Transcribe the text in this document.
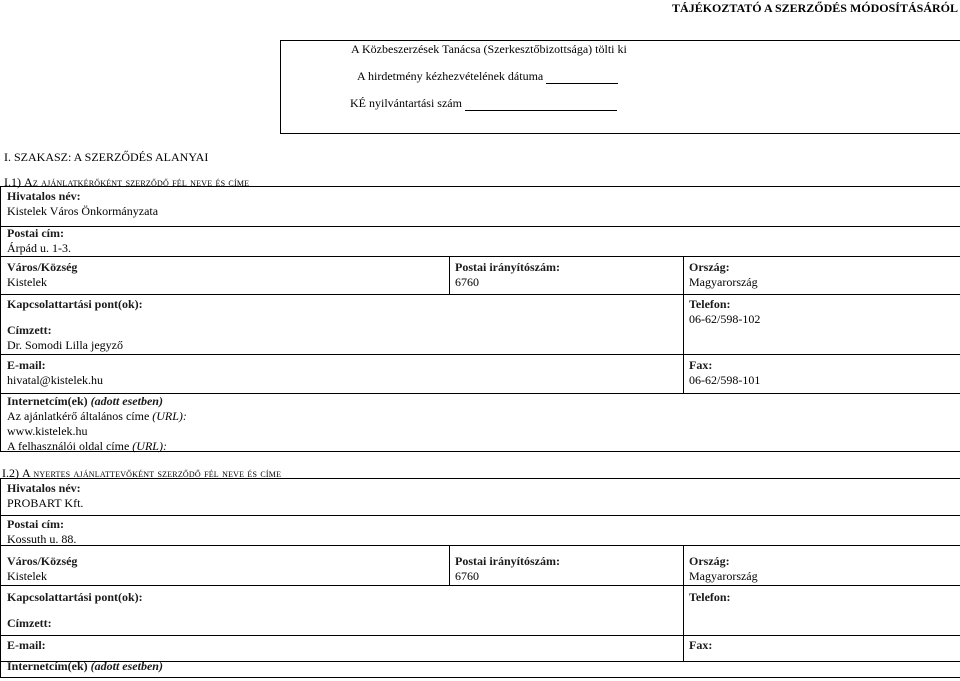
TÁJÉKOZTATÓ A SZERZŐDÉS MÓDOSÍTÁSÁRÓL
A Közbeszerzések Tanácsa (Szerkesztőbizottsága) tölti ki
A hirdetmény kézhezvételének dátuma
KÉ nyilvántartási szám
I. SZAKASZ: A SZERZŐDÉS ALANYAI
I.1) Az ajánlatkérőként szerződő fél neve és címe
Hivatalos név:
Kistelek Város Önkormányzata
Postai cím:
Árpád u. 1-3.
Város/Község
Kistelek
Postai irányítószám:
6760
Ország:
Magyarország
Kapcsolattartási pont(ok):
Címzett:
Dr. Somodi Lilla jegyző
Telefon:
06-62/598-102
E-mail:
hivatal@kistelek.hu
Fax:
06-62/598-101
Internetcím(ek) (adott esetben)
Az ajánlatkérő általános címe (URL):
www.kistelek.hu
A felhasználói oldal címe (URL):
I.2) A nyertes ajánlattevőként szerződő fél neve és címe
Hivatalos név:
PROBART Kft.
Postai cím:
Kossuth u. 88.
Város/Község
Kistelek
Postai irányítószám:
6760
Ország:
Magyarország
Kapcsolattartási pont(ok):
Címzett:
Telefon:
E-mail:	Fax:
Internetcím(ek) (adott esetben)
